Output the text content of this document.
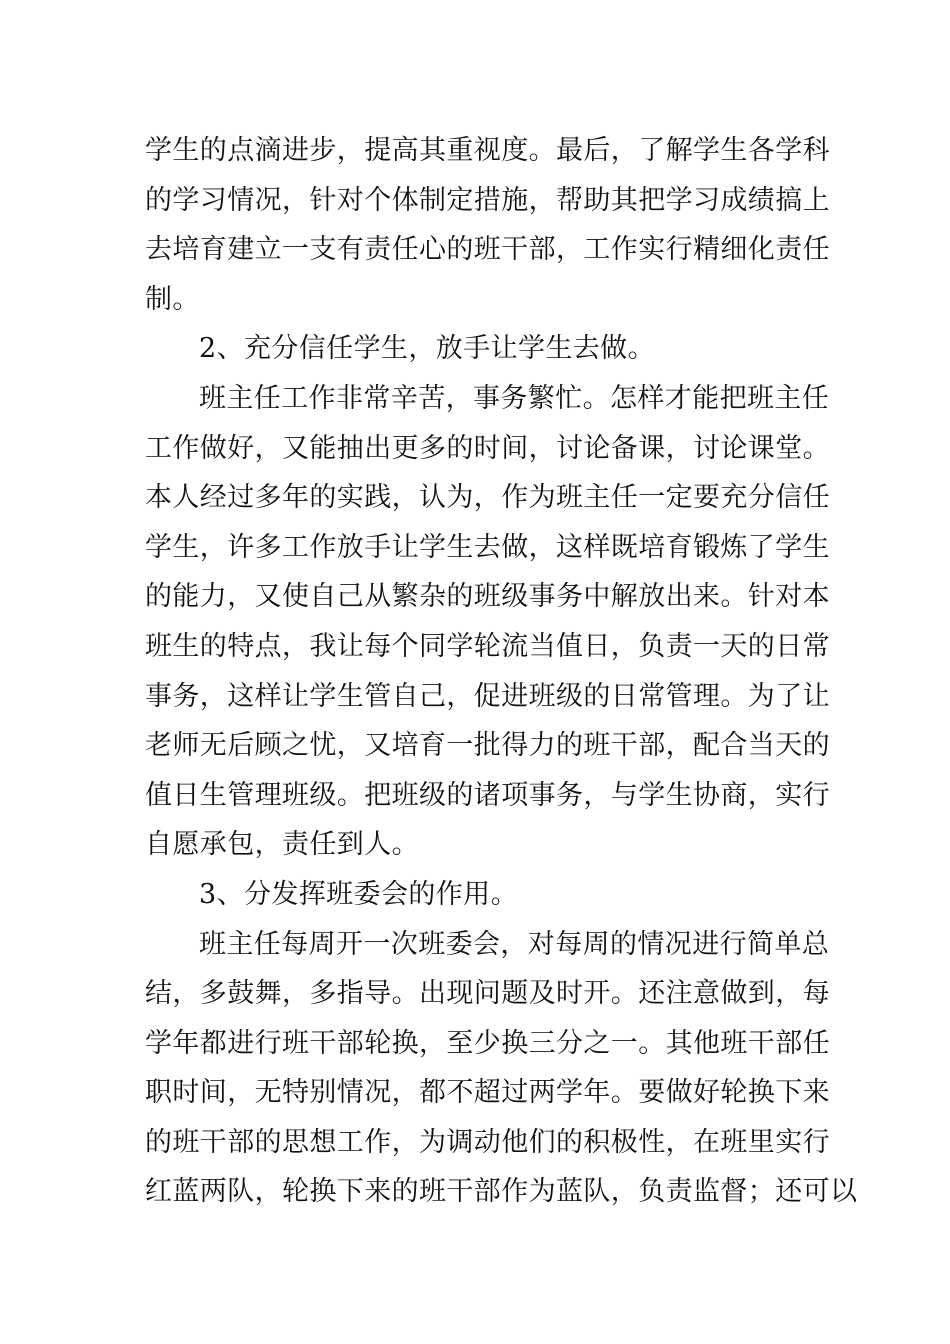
学生的点滴进步，提高其重视度。最后，了解学生各学科
的学习情况，针对个体制定措施，帮助其把学习成绩搞上
去培育建立一支有责任心的班干部，工作实行精细化责任
制。
2、充分信任学生，放手让学生去做。
班主任工作非常辛苦，事务繁忙。怎样才能把班主任
工作做好，又能抽出更多的时间，讨论备课，讨论课堂。
本人经过多年的实践，认为，作为班主任一定要充分信任
学生，许多工作放手让学生去做，这样既培育锻炼了学生
的能力，又使自己从繁杂的班级事务中解放出来。针对本
班生的特点，我让每个同学轮流当值日，负责一天的日常
事务，这样让学生管自己，促进班级的日常管理。为了让
老师无后顾之忧，又培育一批得力的班干部，配合当天的
值日生管理班级。把班级的诸项事务，与学生协商，实行
自愿承包，责任到人。
3、分发挥班委会的作用。
班主任每周开一次班委会，对每周的情况进行简单总
结，多鼓舞，多指导。出现问题及时开。还注意做到，每
学年都进行班干部轮换，至少换三分之一。其他班干部任
职时间，无特别情况，都不超过两学年。要做好轮换下来
的班干部的思想工作，为调动他们的积极性，在班里实行
红蓝两队，轮换下来的班干部作为蓝队，负责监督；还可以
